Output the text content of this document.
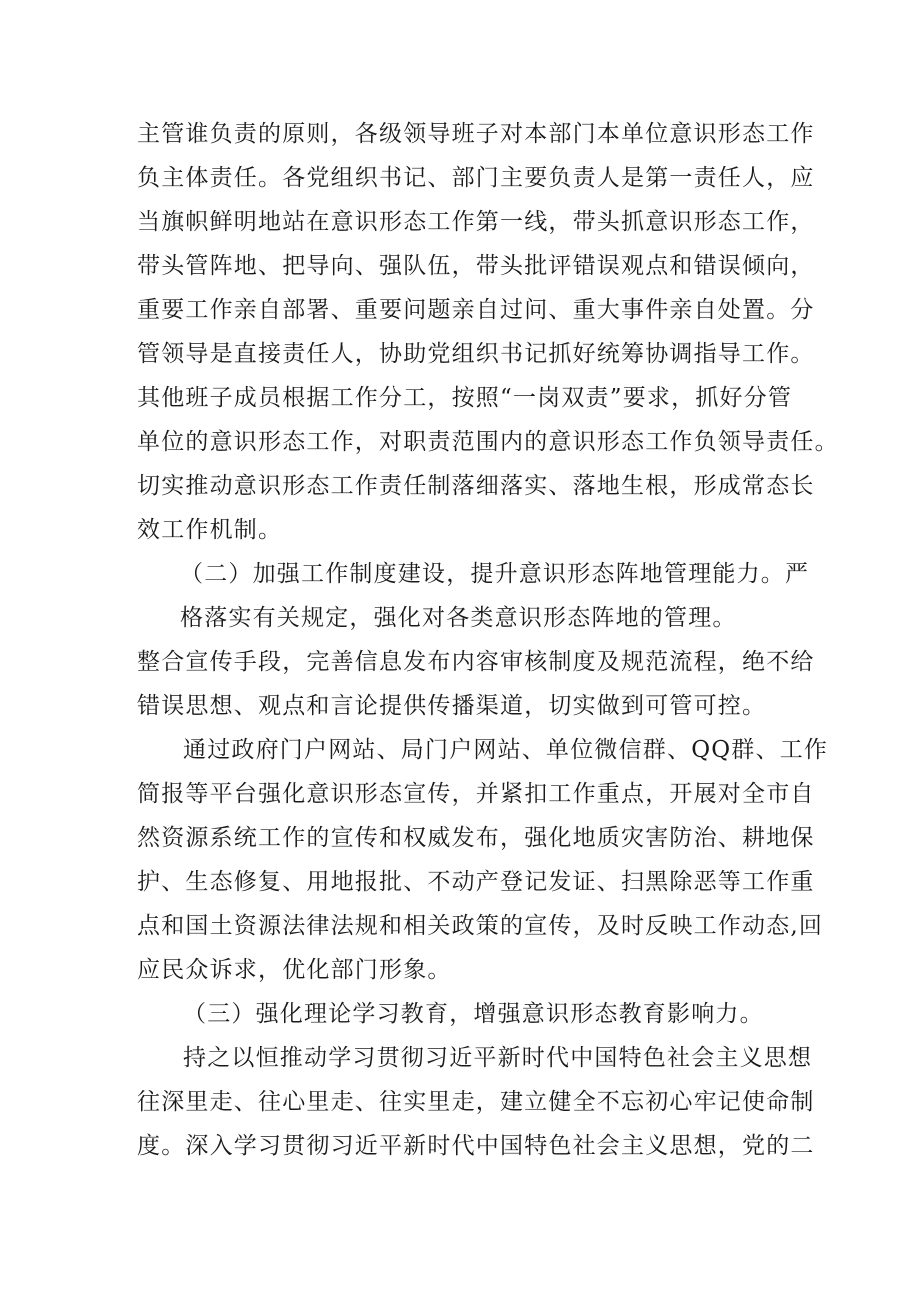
主管谁负责的原则，各级领导班子对本部门本单位意识形态工作
负主体责任。各党组织书记、部门主要负责人是第一责任人，应
当旗帜鲜明地站在意识形态工作第一线，带头抓意识形态工作，
带头管阵地、把导向、强队伍，带头批评错误观点和错误倾向，
重要工作亲自部署、重要问题亲自过问、重大事件亲自处置。分
管领导是直接责任人，协助党组织书记抓好统筹协调指导工作。
其他班子成员根据工作分工，按照“一岗双责”要求，抓好分管
单位的意识形态工作，对职责范围内的意识形态工作负领导责任。
切实推动意识形态工作责任制落细落实、落地生根，形成常态长
效工作机制。
（二）加强工作制度建设，提升意识形态阵地管理能力。严
格落实有关规定，强化对各类意识形态阵地的管理。
整合宣传手段，完善信息发布内容审核制度及规范流程，绝不给
错误思想、观点和言论提供传播渠道，切实做到可管可控。
通过政府门户网站、局门户网站、单位微信群、QQ群、工作
简报等平台强化意识形态宣传，并紧扣工作重点，开展对全市自
然资源系统工作的宣传和权威发布，强化地质灾害防治、耕地保
护、生态修复、用地报批、不动产登记发证、扫黑除恶等工作重
点和国土资源法律法规和相关政策的宣传，及时反映工作动态,回
应民众诉求，优化部门形象。
（三）强化理论学习教育，增强意识形态教育影响力。
持之以恒推动学习贯彻习近平新时代中国特色社会主义思想
往深里走、往心里走、往实里走，建立健全不忘初心牢记使命制
度。深入学习贯彻习近平新时代中国特色社会主义思想，党的二
